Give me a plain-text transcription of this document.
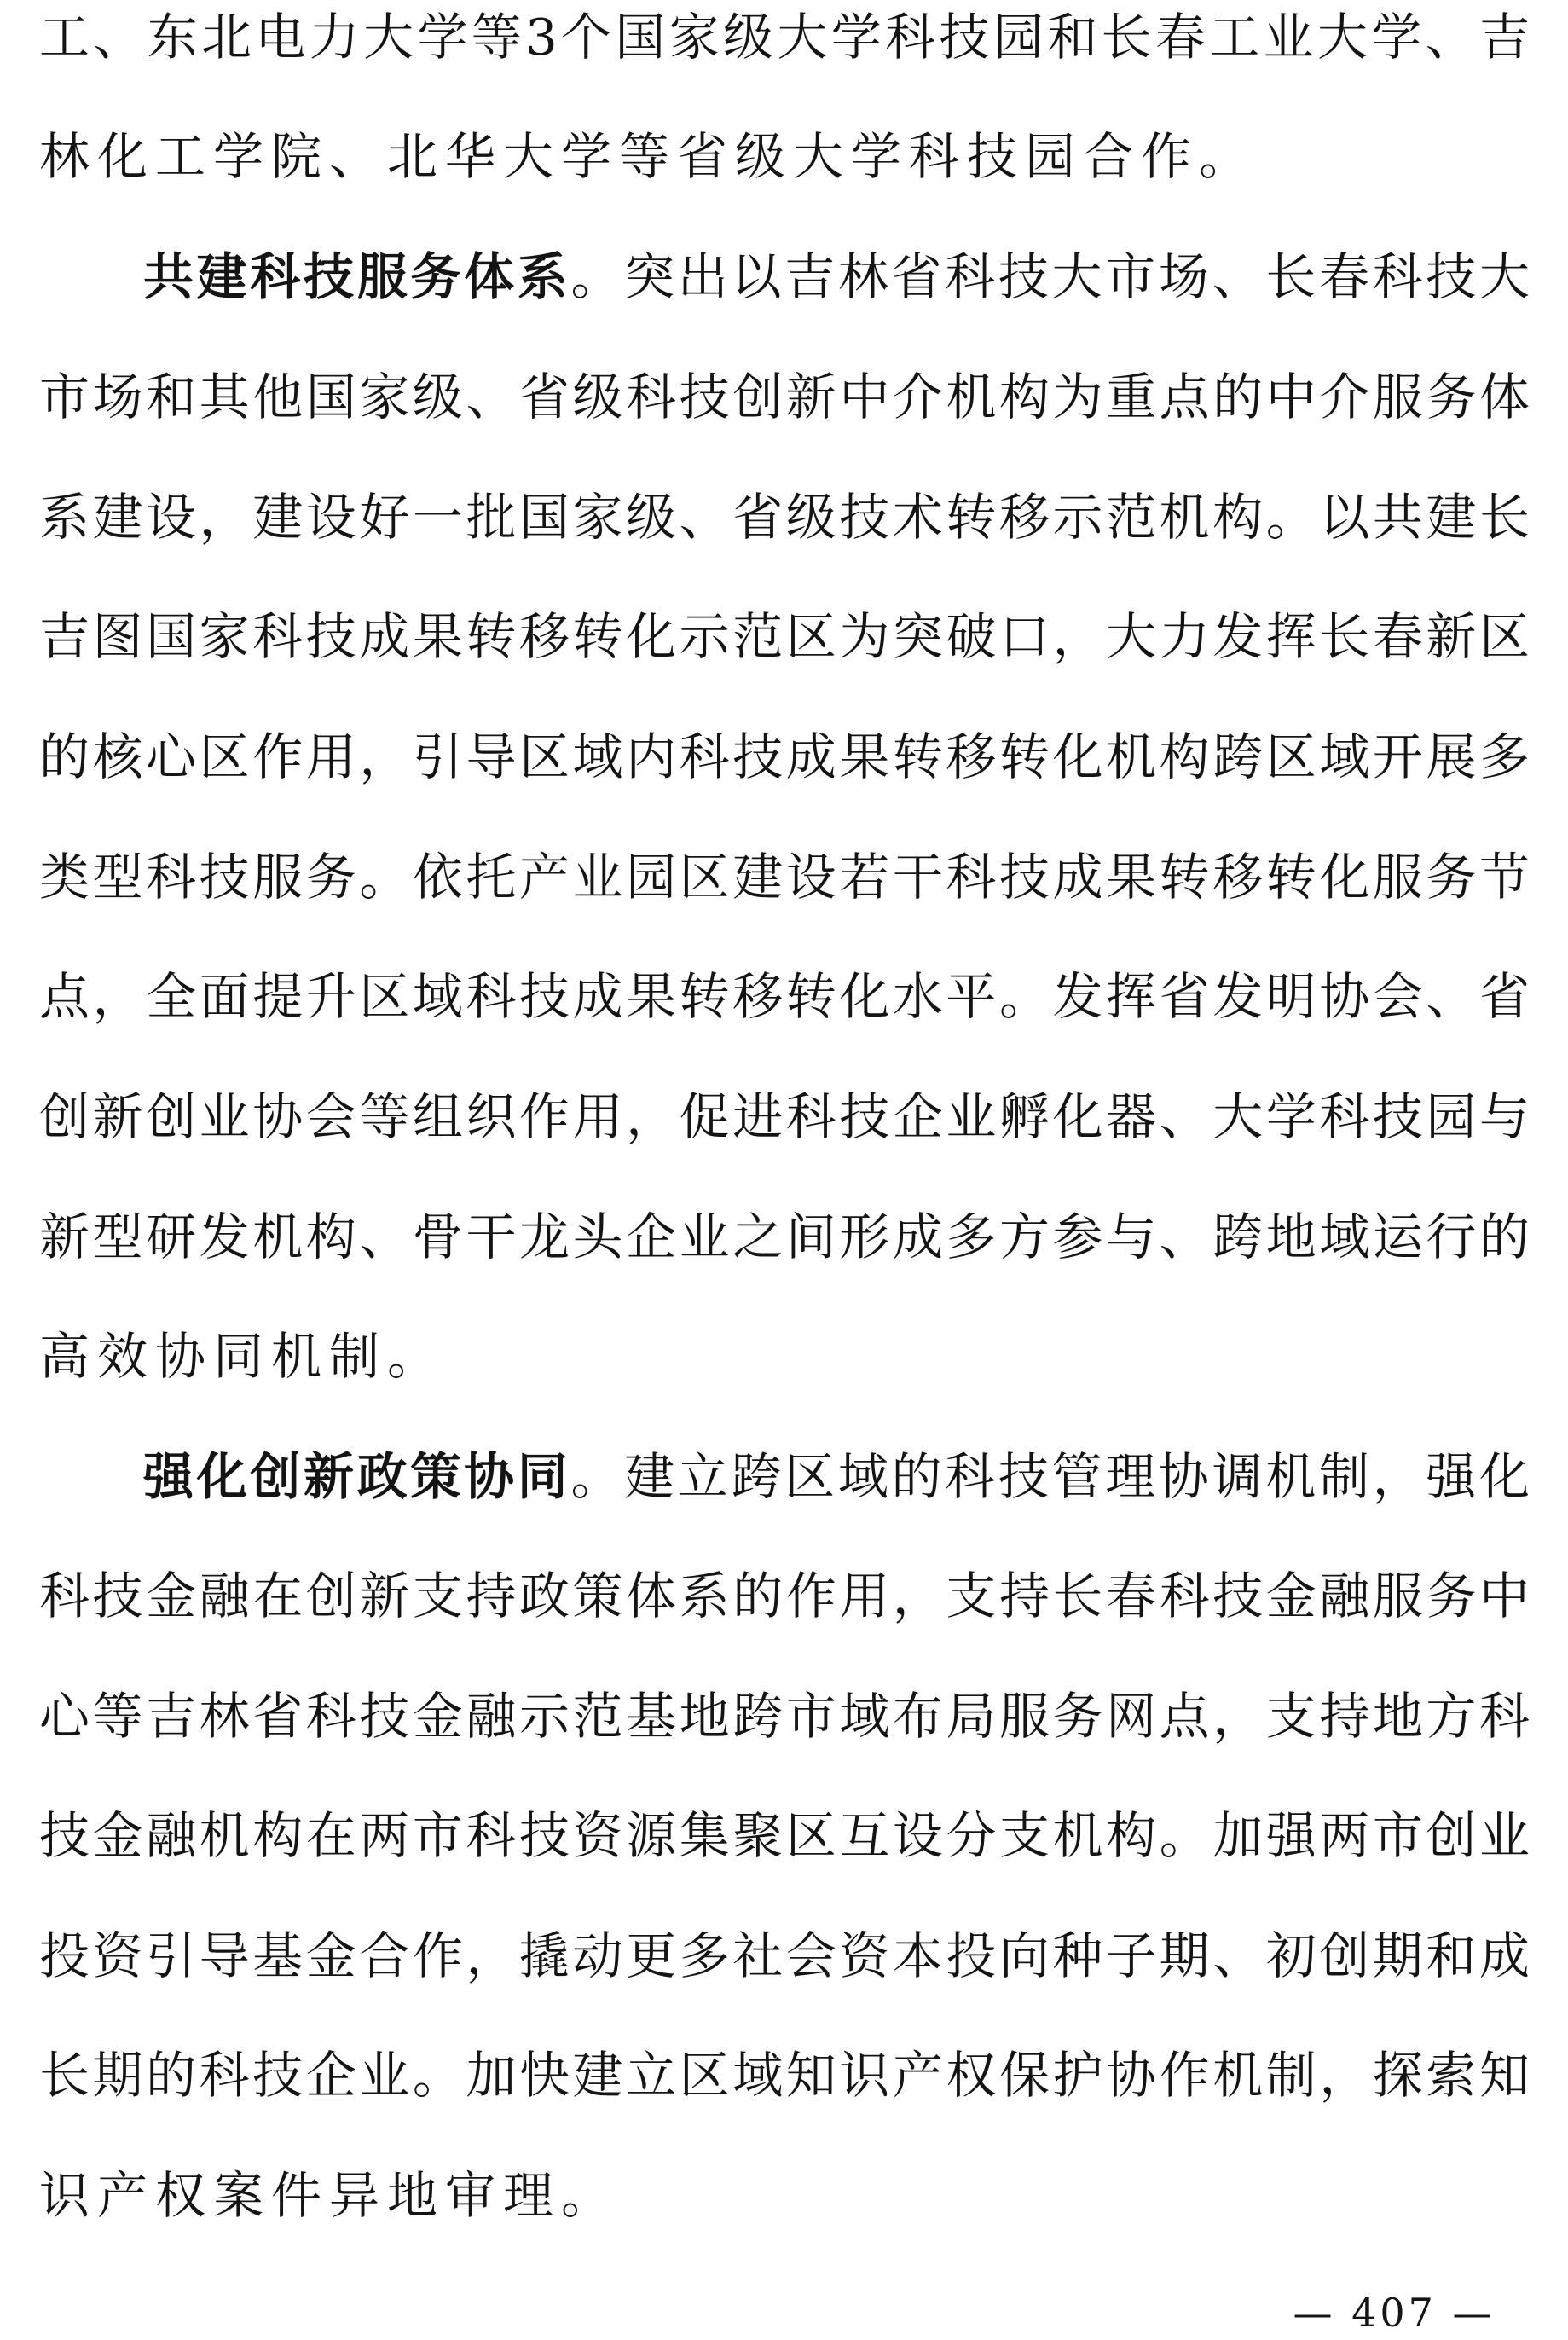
工、东北电力大学等3个国家级大学科技园和长春工业大学、吉
林化工学院、北华大学等省级大学科技园合作。
共建科技服务体系。突出以吉林省科技大市场、长春科技大
市场和其他国家级、省级科技创新中介机构为重点的中介服务体
系建设，建设好一批国家级、省级技术转移示范机构。以共建长
吉图国家科技成果转移转化示范区为突破口，大力发挥长春新区
的核心区作用，引导区域内科技成果转移转化机构跨区域开展多
类型科技服务。依托产业园区建设若干科技成果转移转化服务节
点，全面提升区域科技成果转移转化水平。发挥省发明协会、省
创新创业协会等组织作用，促进科技企业孵化器、大学科技园与
新型研发机构、骨干龙头企业之间形成多方参与、跨地域运行的
高效协同机制。
强化创新政策协同。建立跨区域的科技管理协调机制，强化
科技金融在创新支持政策体系的作用，支持长春科技金融服务中
心等吉林省科技金融示范基地跨市域布局服务网点，支持地方科
技金融机构在两市科技资源集聚区互设分支机构。加强两市创业
投资引导基金合作，撬动更多社会资本投向种子期、初创期和成
长期的科技企业。加快建立区域知识产权保护协作机制，探索知
识产权案件异地审理。
— 407 —
